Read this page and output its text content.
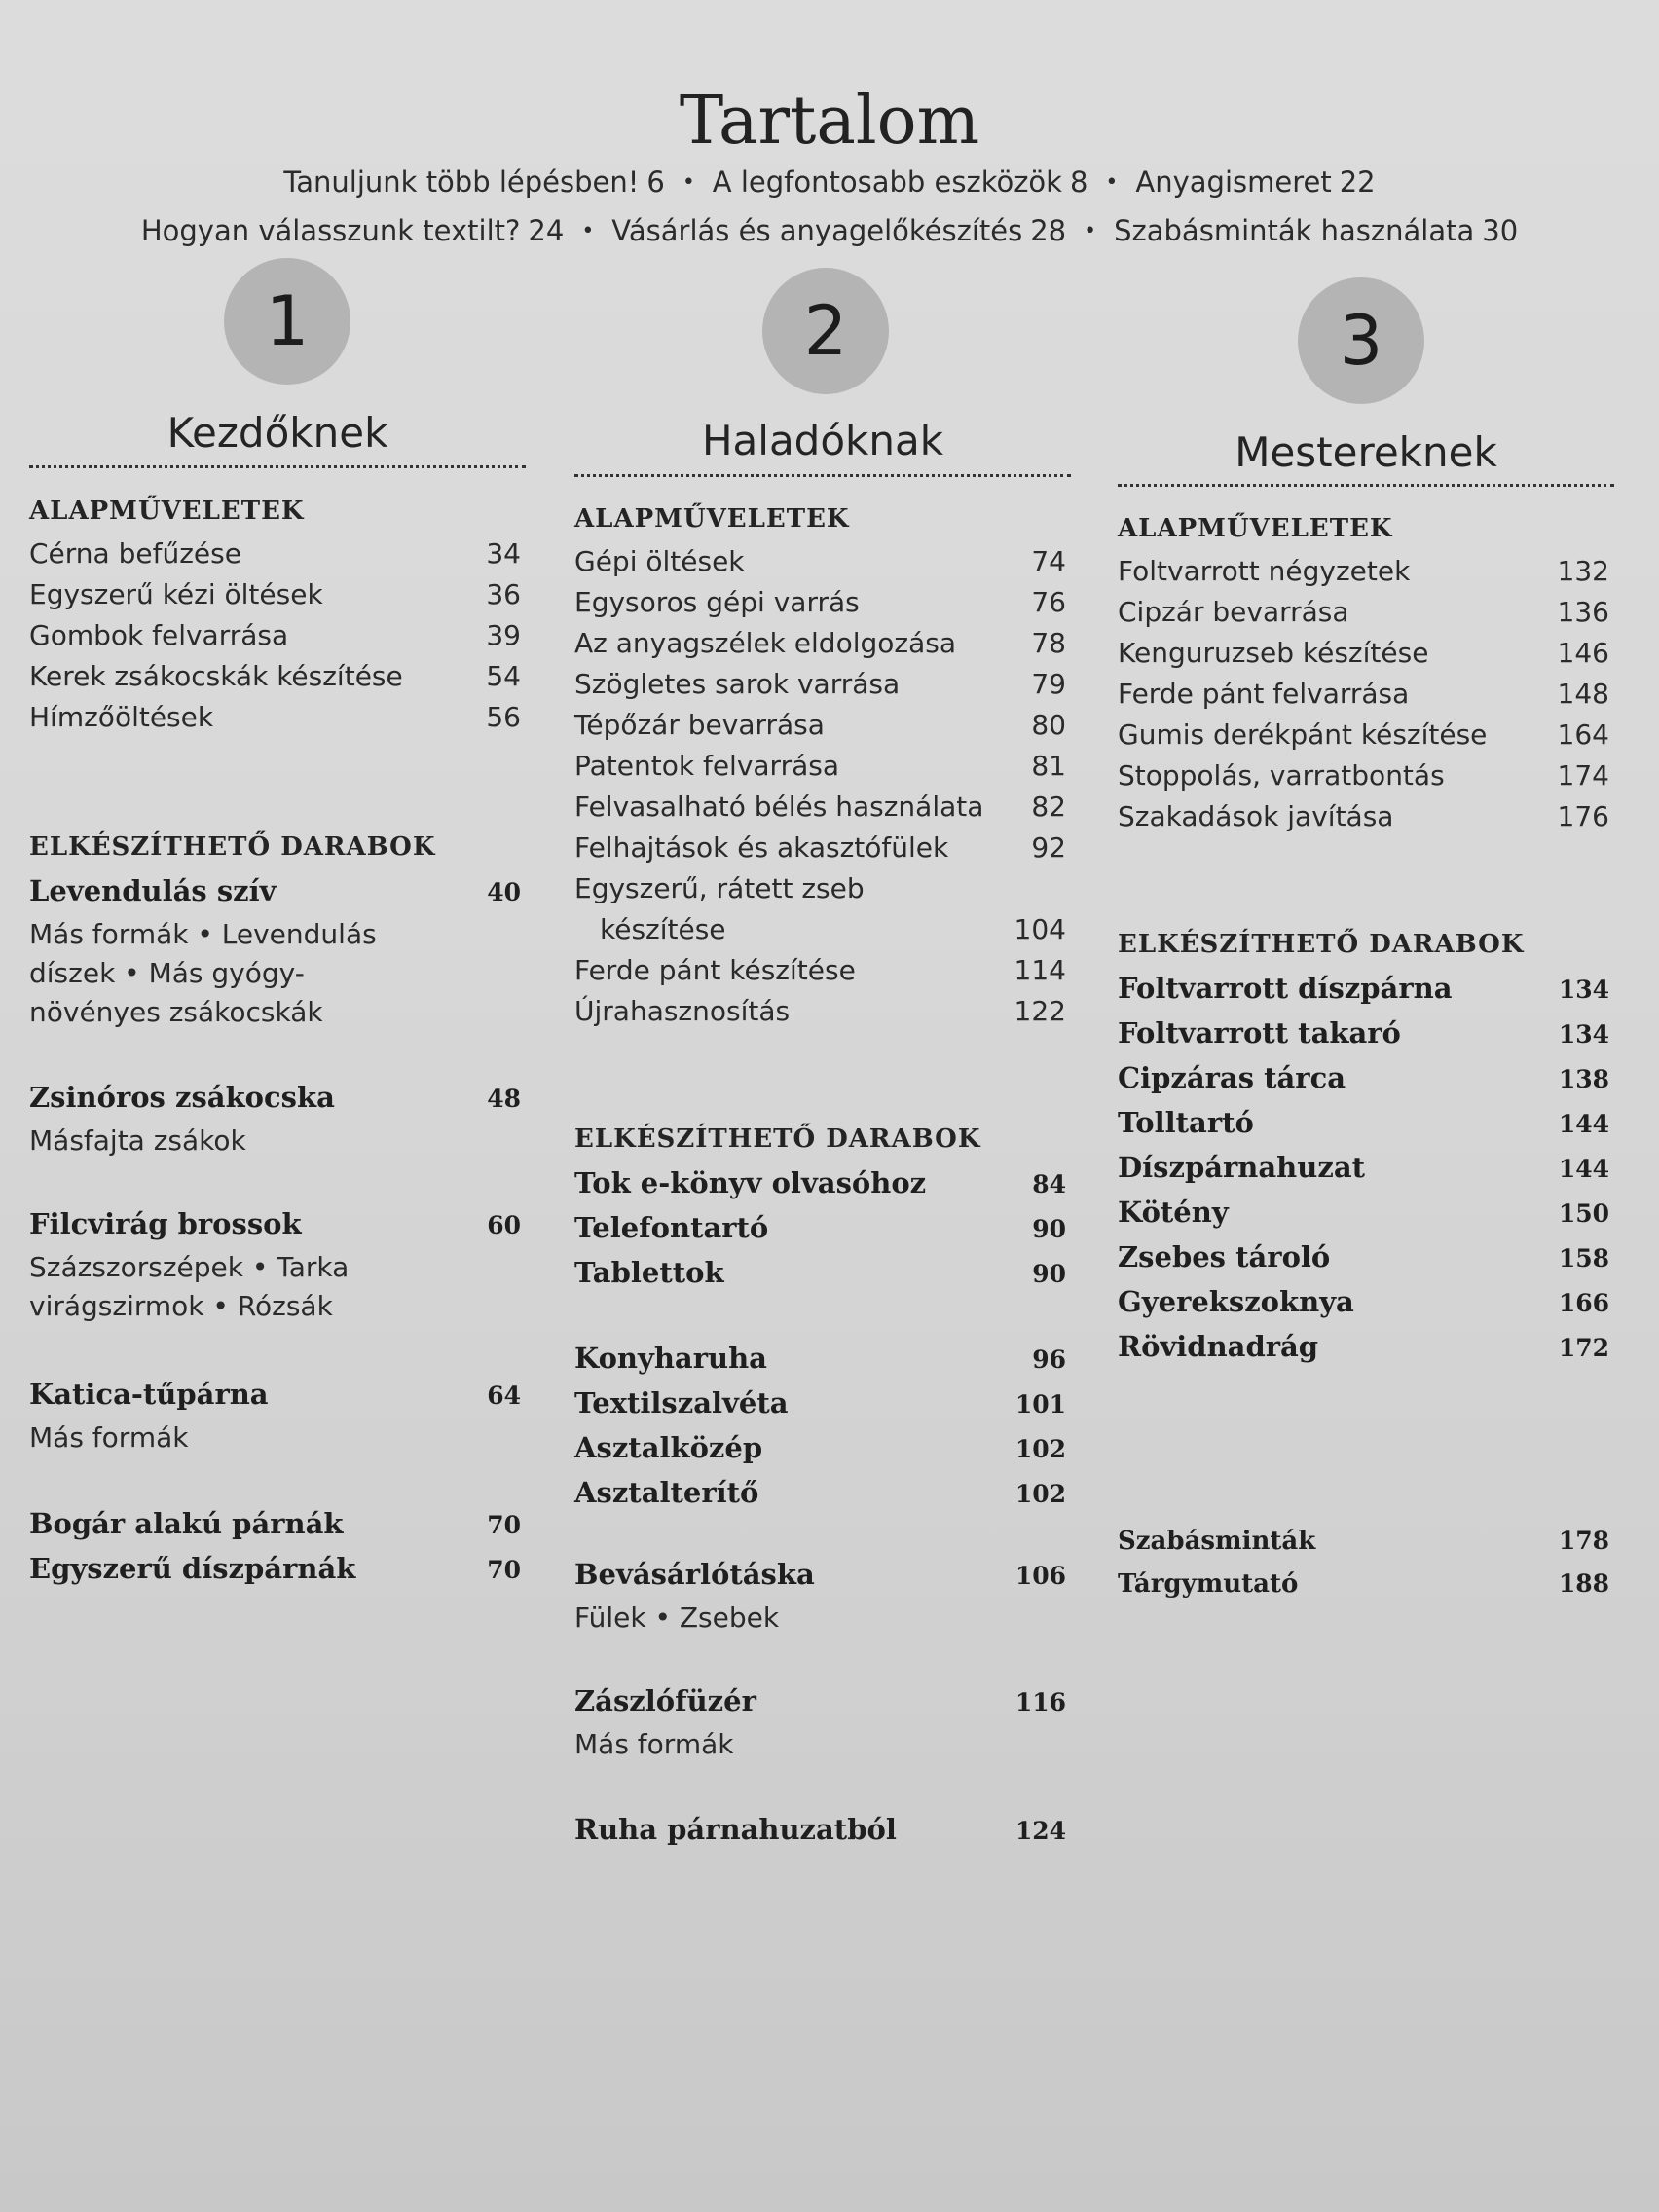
Tartalom
Tanuljunk több lépésben! 6 • A legfontosabb eszközök 8 • Anyagismeret 22
Hogyan válasszunk textilt? 24 • Vásárlás és anyagelőkészítés 28 • Szabásminták használata 30
1
Kezdőknek
ALAPMŰVELETEK
Cérna befűzése	34
Egyszerű kézi öltések	36
Gombok felvarrása	39
Kerek zsákocskák készítése	54
Hímzőöltések	56
ELKÉSZÍTHETŐ DARABOK
Levendulás szív	40
Más formák • Levendulás
díszek • Más gyógy-
növényes zsákocskák
Zsinóros zsákocska	48
Másfajta zsákok
Filcvirág brossok	60
Százszorszépek • Tarka
virágszirmok • Rózsák
Katica-tűpárna	64
Más formák
Bogár alakú párnák	70
Egyszerű díszpárnák	70
2
Haladóknak
ALAPMŰVELETEK
Gépi öltések	74
Egysoros gépi varrás	76
Az anyagszélek eldolgozása	78
Szögletes sarok varrása	79
Tépőzár bevarrása	80
Patentok felvarrása	81
Felvasalható bélés használata 82
Felhajtások és akasztófülek	92
Egyszerű, rátett zseb
készítése	104
Ferde pánt készítése	114
Újrahasznosítás	122
ELKÉSZÍTHETŐ DARABOK
Tok e-könyv olvasóhoz	84
Telefontartó	90
Tablettok	90
Konyharuha	96
Textilszalvéta	101
Asztalközép	102
Asztalterítő	102
Bevásárlótáska	106
Fülek • Zsebek
Zászlófüzér	116
Más formák
Ruha párnahuzatból	124
3
Mestereknek
ALAPMŰVELETEK
Foltvarrott négyzetek	132
Cipzár bevarrása	136
Kenguruzseb készítése	146
Ferde pánt felvarrása	148
Gumis derékpánt készítése	164
Stoppolás, varratbontás	174
Szakadások javítása	176
ELKÉSZÍTHETŐ DARABOK
Foltvarrott díszpárna	134
Foltvarrott takaró	134
Cipzáras tárca	138
Tolltartó	144
Díszpárnahuzat	144
Kötény	150
Zsebes tároló	158
Gyerekszoknya	166
Rövidnadrág	172
Szabásminták	178
Tárgymutató	188
